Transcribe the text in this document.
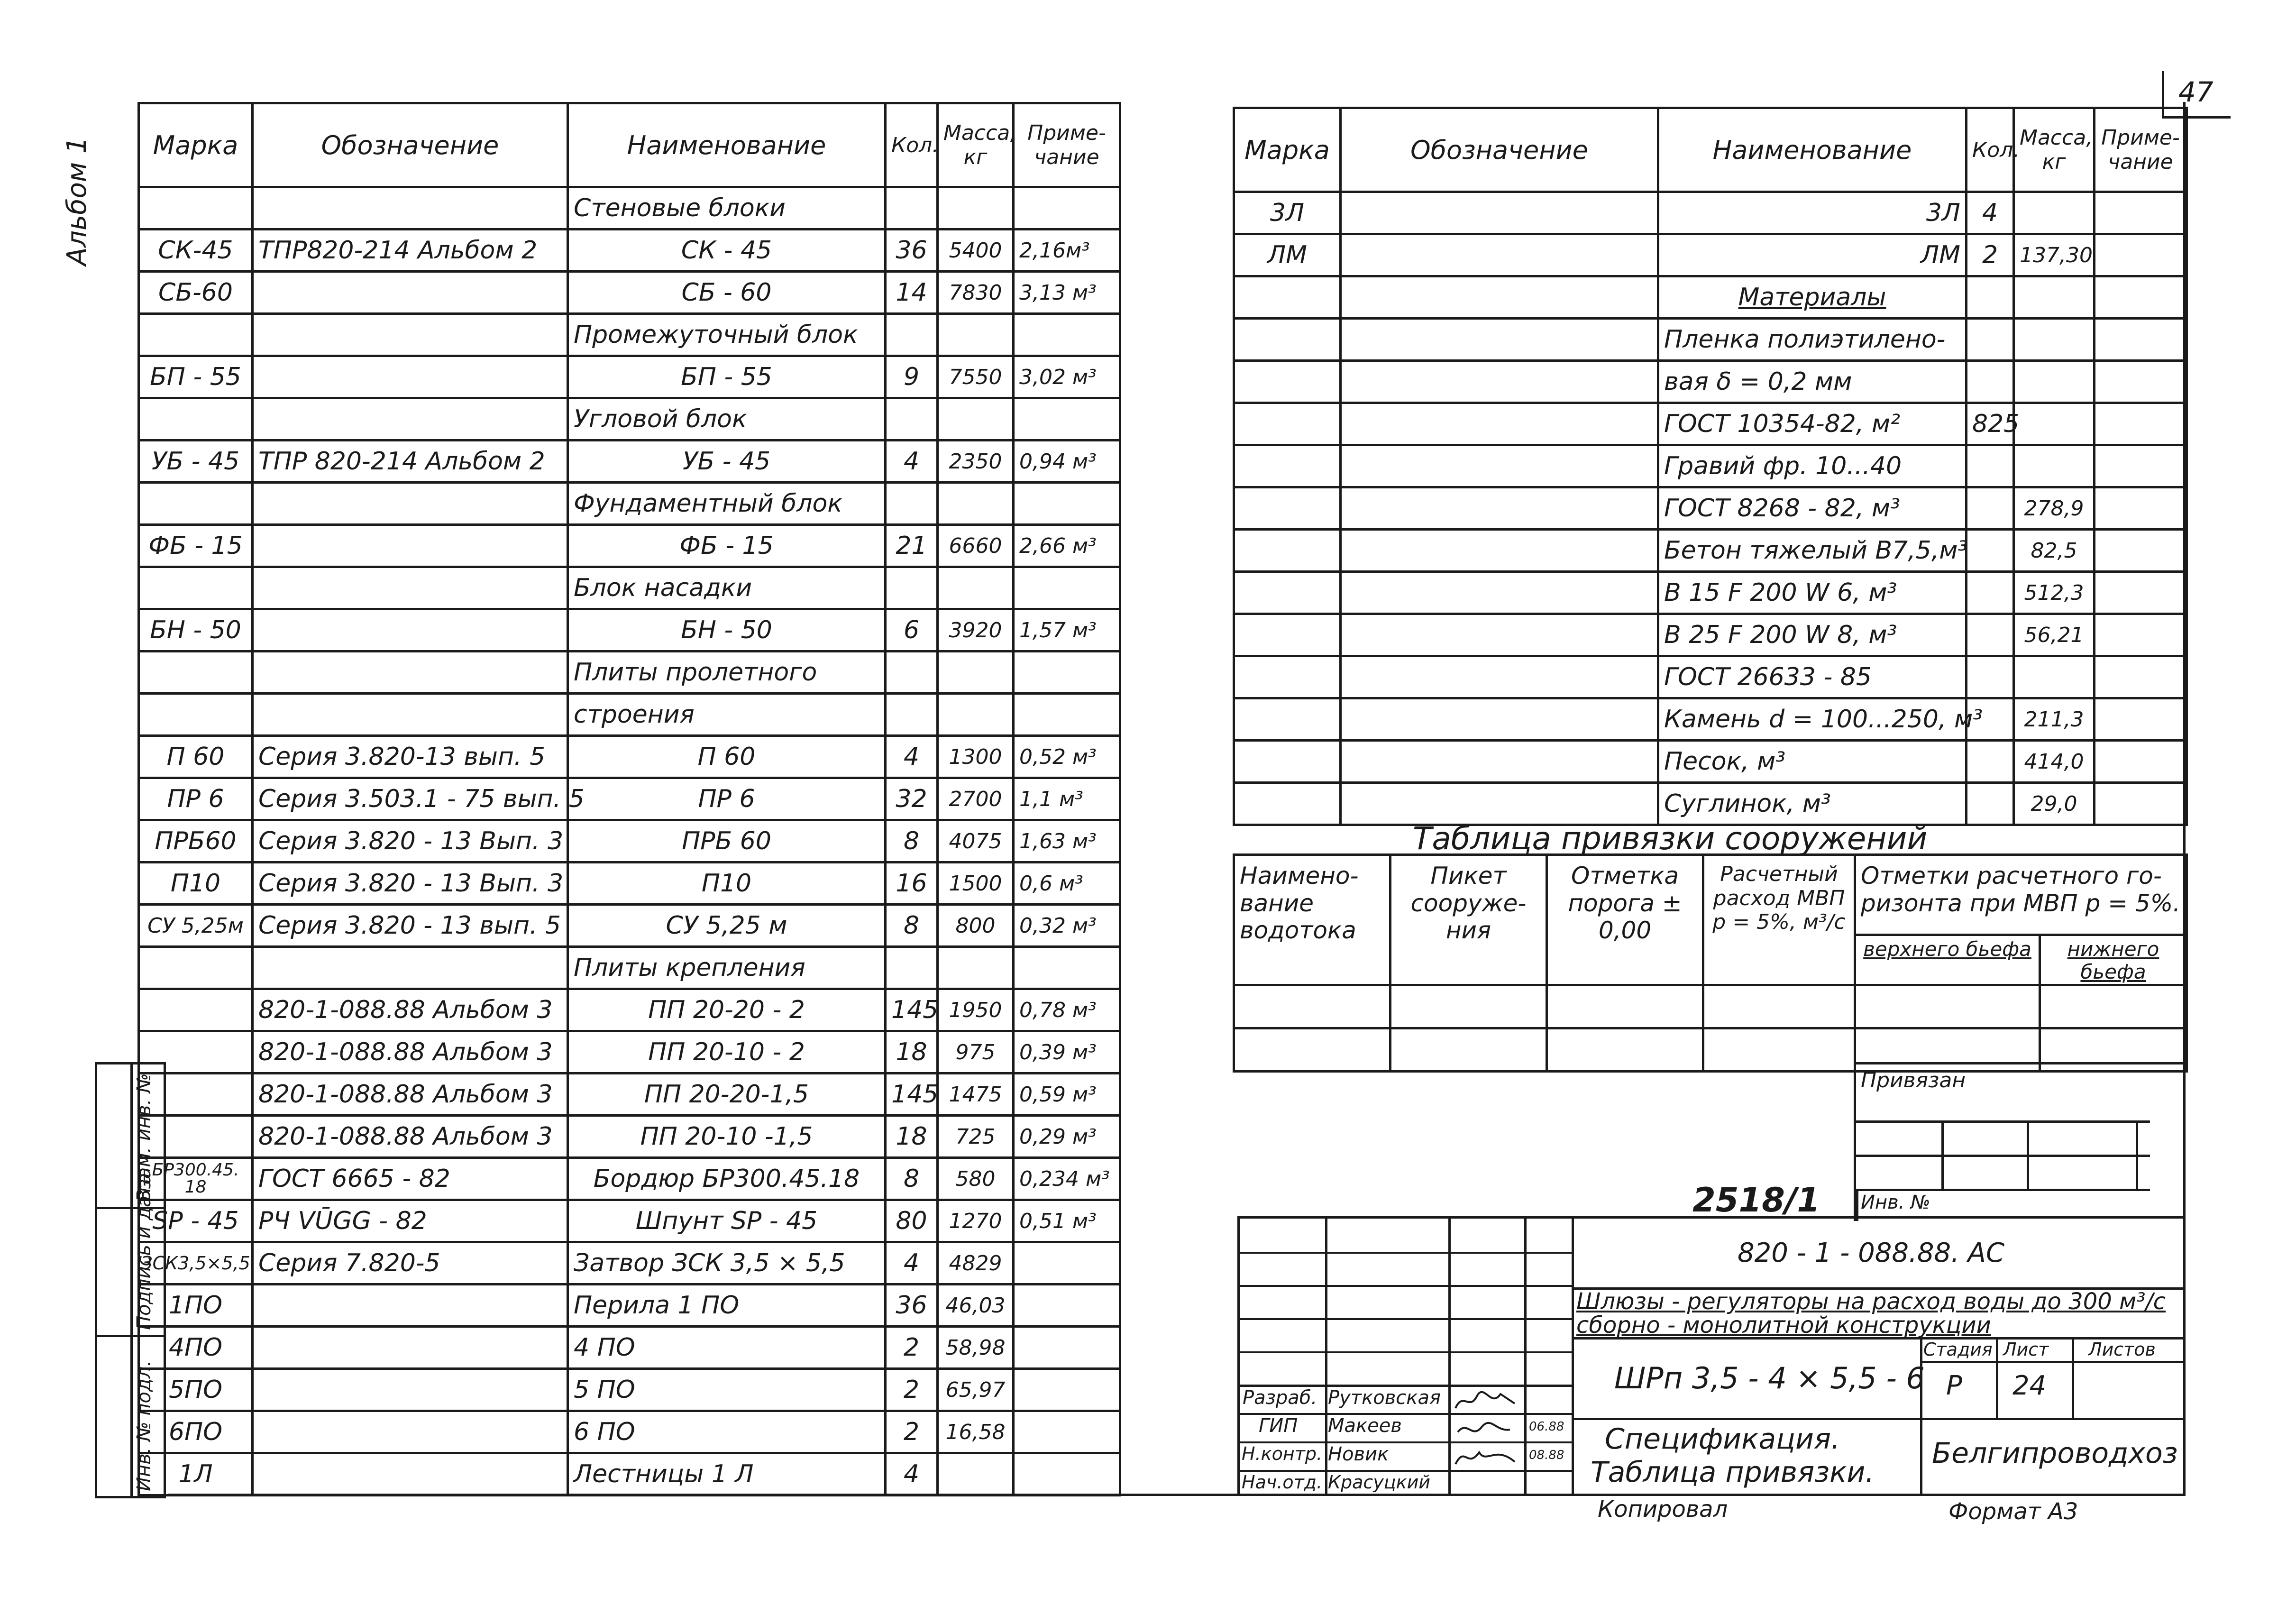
47
Альбом 1
Взам. инв. №
Подпись и дата
Инв. № подл.
Марка	Обозначение	Наименование	Кол.	Масса, кг	Приме- чание
		Стеновые блоки			
СК-45	ТПР820-214 Альбом 2	СК - 45	36	5400	2,16м³
СБ-60		СБ - 60	14	7830	3,13 м³
		Промежуточный блок			
БП - 55		БП - 55	9	7550	3,02 м³
		Угловой блок			
УБ - 45	ТПР 820-214 Альбом 2	УБ - 45	4	2350	0,94 м³
		Фундаментный блок			
ФБ - 15		ФБ - 15	21	6660	2,66 м³
		Блок насадки			
БН - 50		БН - 50	6	3920	1,57 м³
		Плиты пролетного			
		строения			
П 60	Серия 3.820-13 вып. 5	П 60	4	1300	0,52 м³
ПР 6	Серия 3.503.1 - 75 вып. 5	ПР 6	32	2700	1,1 м³
ПРБ60	Серия 3.820 - 13 Вып. 3	ПРБ 60	8	4075	1,63 м³
П10	Серия 3.820 - 13 Вып. 3	П10	16	1500	0,6 м³
СУ 5,25м	Серия 3.820 - 13 вып. 5	СУ 5,25 м	8	800	0,32 м³
		Плиты крепления			
	820-1-088.88 Альбом 3	ПП 20-20 - 2	145	1950	0,78 м³
	820-1-088.88 Альбом 3	ПП 20-10 - 2	18	975	0,39 м³
	820-1-088.88 Альбом 3	ПП 20-20-1,5	145	1475	0,59 м³
	820-1-088.88 Альбом 3	ПП 20-10 -1,5	18	725	0,29 м³
БР300.45. 18	ГОСТ 6665 - 82	Бордюр БР300.45.18	8	580	0,234 м³
SP - 45	РЧ VŪGG - 82	Шпунт SP - 45	80	1270	0,51 м³
ЗСК3,5×5,5	Серия 7.820-5	Затвор ЗСК 3,5 × 5,5	4	4829	
1ПО		Перила 1 ПО	36	46,03	
4ПО		4 ПО	2	58,98	
5ПО		5 ПО	2	65,97	
6ПО		6 ПО	2	16,58	
1Л		Лестницы 1 Л	4		
Марка	Обозначение	Наименование	Кол.	Масса, кг	Приме- чание
3Л		3Л	4		
ЛМ		ЛМ	2	137,30	
		Материалы			
		Пленка полиэтилено-			
		вая δ = 0,2 мм			
		ГОСТ 10354-82, м²	825		
		Гравий фр. 10...40			
		ГОСТ 8268 - 82, м³		278,9	
		Бетон тяжелый В7,5,м³		82,5	
		В 15 F 200 W 6, м³		512,3	
		В 25 F 200 W 8, м³		56,21	
		ГОСТ 26633 - 85			
		Камень d = 100...250, м³		211,3	
		Песок, м³		414,0	
		Суглинок, м³		29,0	
Таблица привязки сооружений
Наимено- вание водотока	Пикет сооруже- ния	Отметка порога ± 0,00	Расчетный расход МВП р = 5%, м³/с	Отметки расчетного го- ризонта при МВП р = 5%.	
				верхнего бьефа	нижнего бьефа

Привязан
Инв. №
2518/1
Разраб. Рутковская
ГИП Макеев	06.88
Н.контр. Новик	08.88
Нач.отд. Красуцкий
820 - 1 - 088.88. АС
Шлюзы - регуляторы на расход воды до 300 м³/с сборно - монолитной конструкции
ШРп 3,5 - 4 × 5,5 - 6
Стадия Лист Листов
Р 24
Спецификация.
Таблица привязки.
Белгипроводхоз
Копировал	Формат А3
